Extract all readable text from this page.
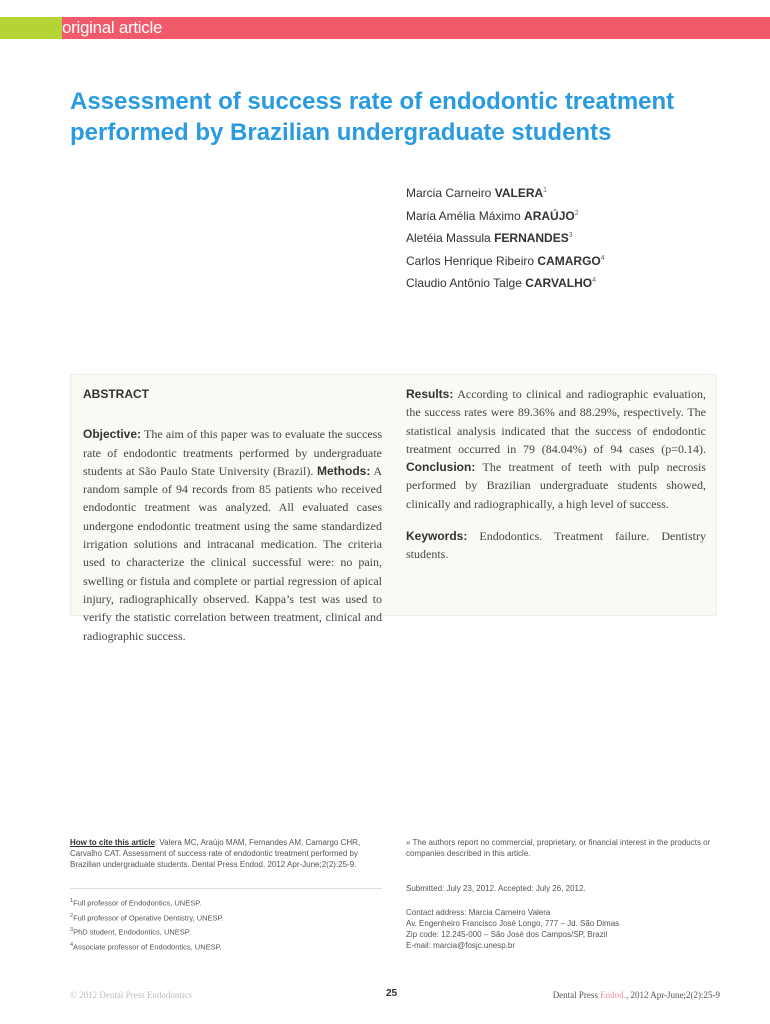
original article
Assessment of success rate of endodontic treatment performed by Brazilian undergraduate students
Marcia Carneiro VALERA$^1$
Maria Amélia Máximo ARAÚJO$^2$
Aletéia Massula FERNANDES$^3$
Carlos Henrique Ribeiro CAMARGO$^4$
Claudio Antônio Talge CARVALHO$^4$
ABSTRACT
Objective: The aim of this paper was to evaluate the success rate of endodontic treatments performed by undergraduate students at São Paulo State University (Brazil). Methods: A random sample of 94 records from 85 patients who received endodontic treatment was analyzed. All evaluated cases undergone endodontic treatment using the same standardized irrigation solutions and intracanal medication. The criteria used to characterize the clinical successful were: no pain, swelling or fistula and complete or partial regression of apical injury, radiographically observed. Kappa’s test was used to verify the statistic correlation between treatment, clinical and radiographic success.
Results: According to clinical and radiographic evaluation, the success rates were 89.36% and 88.29%, respectively. The statistical analysis indicated that the success of endodontic treatment occurred in 79 (84.04%) of 94 cases (p=0.14). Conclusion: The treatment of teeth with pulp necrosis performed by Brazilian undergraduate students showed, clinically and radiographically, a high level of success.
Keywords: Endodontics. Treatment failure. Dentistry students.
How to cite this article: Valera MC, Araújo MAM, Fernandes AM, Camargo CHR, Carvalho CAT. Assessment of success rate of endodontic treatment performed by Brazilian undergraduate students. Dental Press Endod. 2012 Apr-June;2(2):25-9.
» The authors report no commercial, proprietary, or financial interest in the products or companies described in this article.
Submitted: July 23, 2012. Accepted: July 26, 2012.
$^1$Full professor of Endodontics, UNESP.
$^2$Full professor of Operative Dentistry, UNESP.
$^3$PhD student, Endodontics, UNESP.
$^4$Associate professor of Endodontics, UNESP.
Contact address: Marcia Carneiro Valera
Av. Engenheiro Francisco José Longo, 777 – Jd. São Dimas
Zip code: 12.245-000 – São José dos Campos/SP, Brazil
E-mail: marcia@fosjc.unesp.br
© 2012 Dental Press Endodontics	25	Dental Press Endod., 2012 Apr-June;2(2):25-9
